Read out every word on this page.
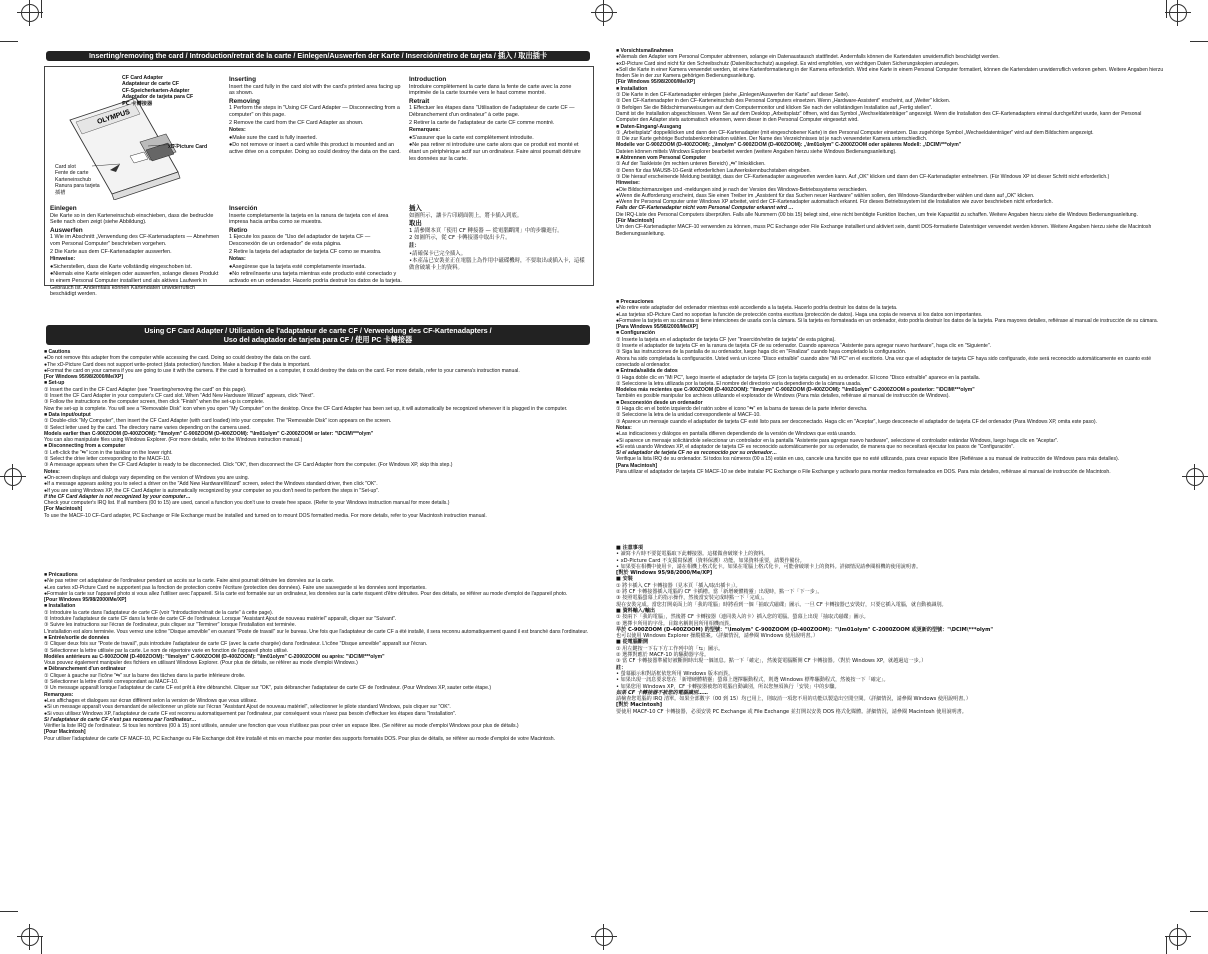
Inserting/removing the card / Introduction/retrait de la carte / Einlegen/Auswerfen der Karte / Inserción/retiro de tarjeta / 插入 / 取出插卡
OLYMPUS
CF Card Adapter
Adaptateur de carte CF
CF-Speicherkarten-Adapter
Adaptador de tarjeta para CF
PC 卡轉接器
xD-Picture Card
Card slot
Fente de carte
Karteneinschub
Ranura para tarjeta
插槽
Inserting

Insert the card fully in the card slot with the card's printed area facing up as shown.

Removing

1 Perform the steps in "Using CF Card Adapter — Disconnecting from a computer" on this page.

2 Remove the card from the CF Card Adapter as shown.

Notes:

●Make sure the card is fully inserted.

●Do not remove or insert a card while this product is mounted and an active drive on a computer. Doing so could destroy the data on the card.

Introduction

Introduire complètement la carte dans la fente de carte avec la zone imprimée de la carte tournée vers le haut comme montré.

Retrait

1 Effectuer les étapes dans "Utilisation de l'adaptateur de carte CF — Débranchement d'un ordinateur" à cette page.

2 Retirer la carte de l'adaptateur de carte CF comme montré.

Remarques:

●S'assurer que la carte est complètement introduite.

●Ne pas retirer ni introduire une carte alors que ce produit est monté et étant un périphérique actif sur un ordinateur. Faire ainsi pourrait détruire les données sur la carte.

Einlegen

Die Karte so in den Karteneinschub einschieben, dass die bedruckte Seite nach oben zeigt (siehe Abbildung).

Auswerfen

1 Wie im Abschnitt „Verwendung des CF-Kartenadapters — Abnehmen vom Personal Computer" beschrieben vorgehen.

2 Die Karte aus dem CF-Kartenadapter auswerfen.

Hinweise:

●Sicherstellen, dass die Karte vollständig eingeschoben ist.

●Niemals eine Karte einlegen oder auswerfen, solange dieses Produkt in einem Personal Computer installiert und als aktives Laufwerk in Gebrauch ist. Andernfalls können Kartendaten unwiderruflich beschädigt werden.

Inserción

Inserte completamente la tarjeta en la ranura de tarjeta con el área impresa hacia arriba como se muestra.

Retiro

1 Ejecute los pasos de "Uso del adaptador de tarjeta CF — Desconexión de un ordenador" de esta página.

2 Retire la tarjeta del adaptador de tarjeta CF como se muestra.

Notas:

●Asegúrese que la tarjeta esté completamente insertada.

●No retire/inserte una tarjeta mientras este producto esté conectado y activado en un ordenador. Hacerlo podría destruir los datos de la tarjeta.

插入

如圖所示，讓卡片印刷面朝上，將卡插入到底。

取出

1 請參閱本頁「使用 CF 轉接器 — 從電腦斷開」中的步驟進行。

2 如圖所示，從 CF 卡轉接器中取出卡片。

註：

•請確保卡已完全插入。

•本產品已安裝並正在電腦上為作用中磁碟機時，不要取出或插入卡，這樣做會破壞卡上的資料。

Using CF Card Adapter / Utilisation de l'adaptateur de carte CF / Verwendung des CF-Kartenadapters /
Uso del adaptador de tarjeta para CF / 使用 PC 卡轉接器

■ Cautions

●Do not remove this adapter from the computer while accessing the card. Doing so could destroy the data on the card.

●The xD-Picture Card does not support write-protect (data protection) function. Make a backup if the data is important.

●Format the card on your camera if you are going to use it with the camera. If the card is formatted on a computer, it could destroy the data on the card. For more details, refer to your camera's instruction manual.

[For Windows 95/98/2000/Me/XP]

■ Set-up

① Insert the card in the CF Card Adapter (see "Inserting/removing the card" on this page).

② Insert the CF Card Adapter in your computer's CF card slot. When "Add New Hardware Wizard" appears, click "Next".

③ Follow the instructions on the computer screen, then click "Finish" when the set-up is complete.

Now the set-up is complete. You will see a "Removable Disk" icon when you open "My Computer" on the desktop. Once the CF Card Adapter has been set up, it will automatically be recognized whenever it is plugged in the computer.

■ Data input/output

① Double-click "My Computer", then insert the CF Card Adapter (with card loaded) into your computer. The "Removable Disk" icon appears on the screen.

② Select letter used by the card. The directory name varies depending on the camera used.

Models earlier than C-900ZOOM (D-400ZOOM): "\Imolym" C-900ZOOM (D-400ZOOM): "\Im01olym" C-2000ZOOM or later: "\DCIM\***olym"

You can also manipulate files using Windows Explorer. (For more details, refer to the Windows instruction manual.)

■ Disconnecting from a computer

① Left-click the "⇆" icon in the taskbar on the lower right.

② Select the drive letter corresponding to the MACF-10.

③ A message appears when the CF Card Adapter is ready to be disconnected. Click "OK", then disconnect the CF Card Adapter from the computer. (For Windows XP, skip this step.)

Notes:

●On-screen displays and dialogs vary depending on the version of Windows you are using.

●If a message appears asking you to select a driver on the "Add New HardwareWizard" screen, select the Windows standard driver, then click "OK".

●If you are using Windows XP, the CF Card Adapter is automatically recognized by your computer so you don't need to perform the steps in "Set-up".

If the CF Card Adapter is not recognized by your computer…

Check your computer's IRQ list. If all numbers (00 to 15) are used, cancel a function you don't use to create free space. (Refer to your Windows instruction manual for more details.)

[For Macintosh]

To use the MACF-10 CF-Card adapter, PC Exchange or File Exchange must be installed and turned on to mount DOS formatted media. For more details, refer to your Macintosh instruction manual.

■ Précautions

●Ne pas retirer cet adaptateur de l'ordinateur pendant un accès sur la carte. Faire ainsi pourrait détruire les données sur la carte.

●Les cartes xD-Picture Card ne supportent pas la fonction de protection contre l'écriture (protection des données). Faire une sauvegarde si les données sont importantes.

●Formater la carte sur l'appareil photo si vous allez l'utiliser avec l'appareil. Si la carte est formatée sur un ordinateur, les données sur la carte risquent d'être détruites. Pour des détails, se référer au mode d'emploi de l'appareil photo.

[Pour Windows 95/98/2000/Me/XP]

■ Installation

① Introduire la carte dans l'adaptateur de carte CF (voir "Introduction/retrait de la carte" à cette page).

② Introduire l'adaptateur de carte CF dans la fente de carte CF de l'ordinateur. Lorsque "Assistant Ajout de nouveau matériel" apparaît, cliquer sur "Suivant".

③ Suivre les instructions sur l'écran de l'ordinateur, puis cliquer sur "Terminer" lorsque l'installation est terminée.

L'installation est alors terminée. Vous verrez une icône "Disque amovible" en ouvrant "Poste de travail" sur le bureau. Une fois que l'adaptateur de carte CF a été installé, il sera reconnu automatiquement quand il est branché dans l'ordinateur.

■ Entrée/sortie de données

① Cliquer deux fois sur "Poste de travail", puis introduire l'adaptateur de carte CF (avec la carte chargée) dans l'ordinateur. L'icône "Disque amovible" apparaît sur l'écran.

② Sélectionner la lettre utilisée par la carte. Le nom de répertoire varie en fonction de l'appareil photo utilisé.

Modèles antérieurs au C-900ZOOM (D-400ZOOM): "\Imolym" C-900ZOOM (D-400ZOOM): "\Im01olym" C-2000ZOOM ou après: "\DCIM\***olym"

Vous pouvez également manipuler des fichiers en utilisant Windows Explorer. (Pour plus de détails, se référer au mode d'emploi Windows.)

■ Débranchement d'un ordinateur

① Cliquer à gauche sur l'icône "⇆" sur la barre des tâches dans la partie inférieure droite.

② Sélectionner la lettre d'unité correspondant au MACF-10.

③ Un message apparaît lorsque l'adaptateur de carte CF est prêt à être débranché. Cliquer sur "OK", puis débrancher l'adaptateur de carte CF de l'ordinateur. (Pour Windows XP, sauter cette étape.)

Remarques:

●Les affichages et dialogues sur écran diffèrent selon la version de Windows que vous utilisez.

●Si un message apparaît vous demandant de sélectionner un pilote sur l'écran "Assistant Ajout de nouveau matériel", sélectionner le pilote standard Windows, puis cliquer sur "OK".

●Si vous utilisez Windows XP, l'adaptateur de carte CF est reconnu automatiquement par l'ordinateur, par conséquent vous n'avez pas besoin d'effectuer les étapes dans "Installation".

Si l'adaptateur de carte CF n'est pas reconnu par l'ordinateur…

Vérifier la liste IRQ de l'ordinateur. Si tous les nombres (00 à 15) sont utilisés, annuler une fonction que vous n'utilisez pas pour créer un espace libre. (Se référer au mode d'emploi Windows pour plus de détails.)

[Pour Macintosh]

Pour utiliser l'adaptateur de carte CF MACF-10, PC Exchange ou File Exchange doit être installé et mis en marche pour monter des supports formatés DOS. Pour plus de détails, se référer au mode d'emploi de votre Macintosh.

■ Vorsichtsmaßnahmen

●Niemals den Adapter vom Personal Computer abtrennen, solange ein Datenaustausch stattfindet. Andernfalls können die Kartendaten unwiderruflich beschädigt werden.

●xD-Picture Card sind nicht für den Schreibschutz (Datenlöschschutz) ausgelegt. Es wird empfohlen, von wichtigen Daten Sicherungskopien anzulegen.

●Soll die Karte in einer Kamera verwendet werden, ist eine Kartenformatierung in der Kamera erforderlich. Wird eine Karte in einem Personal Computer formatiert, können die Kartendaten unwiderruflich verloren gehen. Weitere Angaben hierzu finden Sie in der zur Kamera gehörigen Bedienungsanleitung.

[Für Windows 95/98/2000/Me/XP]

■ Installation

① Die Karte in den CF-Kartenadapter einlegen (siehe „Einlegen/Auswerfen der Karte" auf dieser Seite).

② Den CF-Kartenadapter in den CF-Karteneinschub des Personal Computers einsetzen. Wenn „Hardware-Assistent" erscheint, auf „Weiter" klicken.

③ Befolgen Sie die Bildschirmanweisungen auf dem Computermonitor und klicken Sie nach der vollständigen Installation auf „Fertig stellen".

Damit ist die Installation abgeschlossen. Wenn Sie auf dem Desktop „Arbeitsplatz" öffnen, wird das Symbol „Wechseldatenträger" angezeigt. Wenn die Installation des CF-Kartenadapters einmal durchgeführt wurde, kann der Personal Computer den Adapter stets automatisch erkennen, wenn dieser in den Personal Computer eingesetzt wird.

■ Daten-Eingang/-Ausgang

① „Arbeitsplatz" doppelklicken und dann den CF-Kartenadapter (mit eingeschobener Karte) in den Personal Computer einsetzen. Das zugehörige Symbol „Wechseldatenträger" wird auf dem Bildschirm angezeigt.

② Die zur Karte gehörige Buchstabenkombination wählen. Der Name des Verzeichnisses ist je nach verwendeter Kamera unterschiedlich.

Modelle vor C-900ZOOM (D-400ZOOM): „\Imolym" C-900ZOOM (D-400ZOOM): „\Im01olym" C-2000ZOOM oder späteres Modell: „\DCIM\***olym"

Dateien können mittels Windows Explorer bearbeitet werden (weitere Angaben hierzu siehe Windows Bedienungsanleitung).

■ Abtrennen vom Personal Computer

① Auf der Taskleiste (im rechten unteren Bereich) „⇆" linksklicken.

② Denn für das MAUSB-10-Gerät erforderlichen Laufwerkskennbuchstaben eingeben.

③ Die hierauf erscheinende Meldung bestätigt, dass der CF-Kartenadapter ausgeworfen werden kann. Auf „OK" klicken und dann den CF-Kartenadapter entnehmen. (Für Windows XP ist dieser Schritt nicht erforderlich.)

Hinweise:

●Die Bildschirmanzeigen und -meldungen sind je nach der Version des Windows-Betriebssystems verschieden.

●Wenn die Aufforderung erscheint, dass Sie einen Treiber im „Assistent für das Suchen neuer Hardware" wählen sollen, den Windows-Standardtreiber wählen und dann auf „OK" klicken.

●Wenn Ihr Personal Computer unter Windows XP arbeitet, wird der CF-Kartenadapter automatisch erkannt. Für dieses Betriebssystem ist die Installation wie zuvor beschrieben nicht erforderlich.

Falls der CF-Kartenadapter nicht vom Personal Computer erkannt wird …

Die IRQ-Liste des Personal Computers überprüfen. Falls alle Nummern (00 bis 15) belegt sind, eine nicht benötigte Funktion löschen, um freie Kapazität zu schaffen. Weitere Angaben hierzu siehe die Windows Bedienungsanleitung.

[Für Macintosh]

Um den CF-Kartenadapter MACF-10 verwenden zu können, muss PC Exchange oder File Exchange installiert und aktiviert sein, damit DOS-formatierte Datenträger verwendet werden können. Weitere Angaben hierzu siehe die Macintosh Bedienungsanleitung.

■ Precauciones

●No retire este adaptador del ordenador mientras esté accediendo a la tarjeta. Hacerlo podría destruir los datos de la tarjeta.

●Las tarjetas xD-Picture Card no soportan la función de protección contra escritura (protección de datos). Haga una copia de reserva si los datos son importantes.

●Formatee la tarjeta en su cámara si tiene intenciones de usarla con la cámara. Si la tarjeta es formateada en un ordenador, ésto podría destruir los datos de la tarjeta. Para mayores detalles, refiérase al manual de instrucción de su cámara.

[Para Windows 95/98/2000/Me/XP]

■ Configuración

① Inserte la tarjeta en el adaptador de tarjeta CF (ver "Inserción/retiro de tarjeta" de esta página).

② Inserte el adaptador de tarjeta CF en la ranura de tarjeta CF de su ordenador. Cuando aparezca "Asistente para agregar nuevo hardware", haga clic en "Siguiente".

③ Siga las instrucciones de la pantalla de su ordenador, luego haga clic en "Finalizar" cuando haya completado la configuración.

Ahora ha sido completada la configuración. Usted verá un icono "Disco extraíble" cuando abre "Mi PC" en el escritorio. Una vez que el adaptador de tarjeta CF haya sido configurado, éste será reconocido automáticamente en cuanto esté conectado al ordenador.

■ Entrada/salida de datos

① Haga doble clic en "Mi PC", luego inserte el adaptador de tarjeta CF (con la tarjeta cargada) en su ordenador. El icono "Disco extraíble" aparece en la pantalla.

② Seleccione la letra utilizada por la tarjeta. El nombre del directorio varía dependiendo de la cámara usada.

Modelos más recientes que C-900ZOOM (D-400ZOOM): "\Imolym" C-900ZOOM (D-400ZOOM): "\Im01olym" C-2000ZOOM o posterior: "\DCIM\***olym"

También es posible manipular los archivos utilizando el explorador de Windows (Para más detalles, refiérase al manual de instrucción de Windows).

■ Desconexión desde un ordenador

① Haga clic en el botón izquierdo del ratón sobre el icono "⇆" en la barra de tareas de la parte inferior derecha.

② Seleccione la letra de la unidad correspondiente al MACF-10.

③ Aparece un mensaje cuando el adaptador de tarjeta CF esté listo para ser desconectado. Haga clic en "Aceptar", luego desconecte el adaptador de tarjeta CF del ordenador (Para Windows XP, omita este paso).

Notas:

●Las indicaciones y diálogos en pantalla difieren dependiendo de la versión de Windows que está usando.

●Si aparece un mensaje solicitándole seleccionar un controlador en la pantalla "Asistente para agregar nuevo hardware", seleccione el controlador estándar Windows, luego haga clic en "Aceptar".

●Si está usando Windows XP, el adaptador de tarjeta CF es reconocido automáticamente por su ordenador, de manera que no necesitará ejecutar los pasos de "Configuración".

Si el adaptador de tarjeta CF no es reconocido por su ordenador…

Verifique la lista IRQ de su ordenador. Si todos los números (00 a 15) están en uso, cancele una función que no esté utilizando, para crear espacio libre (Refiérase a su manual de instrucción de Windows para más detalles).

[Para Macintosh]

Para utilizar el adaptador de tarjeta CF MACF-10 se debe instalar PC Exchange o File Exchange y activarlo para montar medios formateados en DOS. Para más detalles, refiérase al manual de instrucción de Macintosh.

■ 注意事項

• 讀寫卡片時不要從電腦取下此轉接器。這樣做會破壞卡上的資料。

• xD-Picture Card 不支援寫保護（資料保護）功能。如果資料重要，請製作備份。

• 如果要在相機中使用卡，請在相機上格式化卡。如果在電腦上格式化卡，可能會破壞卡上的資料。詳細情況請參閱相機的使用說明書。

[對於 Windows 95/98/2000/Me/XP]

■ 安裝

① 將卡插入 CF 卡轉接器（見本頁「插入/取出插卡」）。

② 將 CF 卡轉接器插入電腦的 CF 卡插槽。當「新增硬體精靈」出現時，點一下「下一步」。

③ 按照電腦螢幕上的指示操作，然後當安裝完成時點一下「完成」。

現在安裝完成。當您打開桌面上的「我的電腦」時將看到一個「抽取式磁碟」圖示。一旦 CF 卡轉接器已安裝好，只要它插入電腦，就自動被識別。

■ 資料輸入/輸出

① 按兩下「我的電腦」，然後將 CF 卡轉接器（連同裝入的卡）插入您的電腦。螢幕上出現「抽取式磁碟」圖示。

② 選擇卡所用的字母。目錄名稱則因所用相機而異。

早於 C-900ZOOM (D-400ZOOM) 的型號："\Imolym" C-900ZOOM (D-400ZOOM)："\Im01olym" C-2000ZOOM 或更新的型號："\DCIM\***olym"

也可以使用 Windows Explorer 操縱檔案。（詳細情況，請參閱 Windows 使用說明書。）

■ 從電腦斷開

① 用左鍵按一下右下方工作列中的「⇆」圖示。

② 選擇對應於 MACF-10 的驅動器字母。

③ 當 CF 卡轉接器準備好被斷開時出現一個訊息。點一下「確定」，然後從電腦斷開 CF 卡轉接器。（對於 Windows XP，就越過這一步。）

註：

• 螢幕顯示和對話框依您所用 Windows 版本而異。

• 如果出現一訊息要求您在「新增硬體精靈」螢幕上選擇驅動程式，則選 Windows 標準驅動程式，然後按一下「確定」。

• 如果您用 Windows XP，CF 卡轉接器被您的電腦自動識別，所以您無須執行「安裝」中的步驟。

如果 CF 卡轉接器不被您的電腦識別……

請檢查您電腦的 IRQ 清單。如果全部數字（00 到 15）均已用上，則取消一項您不用的功能以製造出空閒空間。（詳細情況，請參閱 Windows 使用說明書。）

[對於 Macintosh]

要使用 MACF-10 CF 卡轉接器，必須安裝 PC Exchange 或 File Exchange 並打開以安裝 DOS 格式化媒體。詳細情況，請參閱 Macintosh 使用說明書。
